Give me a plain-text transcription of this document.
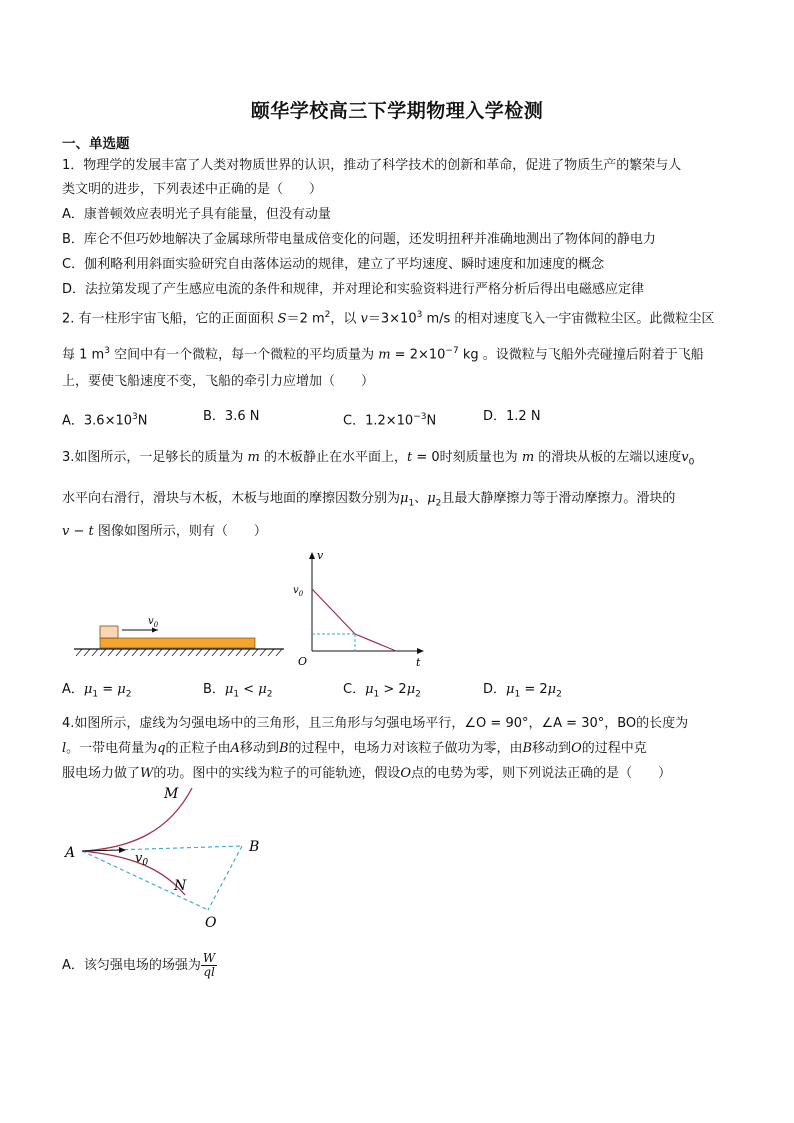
颐华学校高三下学期物理入学检测
一、单选题
1．物理学的发展丰富了人类对物质世界的认识，推动了科学技术的创新和革命，促进了物质生产的繁荣与人
类文明的进步，下列表述中正确的是（　　）
A．康普顿效应表明光子具有能量，但没有动量
B．库仑不但巧妙地解决了金属球所带电量成倍变化的问题，还发明扭秤并准确地测出了物体间的静电力
C．伽利略利用斜面实验研究自由落体运动的规律，建立了平均速度、瞬时速度和加速度的概念
D．法拉第发现了产生感应电流的条件和规律，并对理论和实验资料进行严格分析后得出电磁感应定律
2. 有一柱形宇宙飞船，它的正面面积 S＝2 $m^2$，以 $v=3\times 10^3$ m/s 的相对速度飞入一宇宙微粒尘区。此微粒尘区
每 1 $m^3$ 空间中有一个微粒，每一个微粒的平均质量为 $m = 2\times 10^{-7}$ kg 。设微粒与飞船外壳碰撞后附着于飞船
上，要使飞船速度不变，飞船的牵引力应增加（　　）
A．$3.6\times 10^3N$	B．3.6 N	C．$1.2\times 10^{-3}N$	D．1.2 N
3.如图所示，一足够长的质量为 m 的木板静止在水平面上，t = 0时刻质量也为 m 的滑块从板的左端以速度$v_0$
水平向右滑行，滑块与木板，木板与地面的摩擦因数分别为$\mu_1$、$\mu_2$且最大静摩擦力等于滑动摩擦力。滑块的
v − t 图像如图所示，则有（　　）
$v_0$
v
t
O
$v_0$
A．$\mu_1 = \mu_2$	B．$\mu_1 < \mu_2$	C．$\mu_1 > 2\mu_2$	D．$\mu_1 = 2\mu_2$
4.如图所示，虚线为匀强电场中的三角形，且三角形与匀强电场平行，∠O = 90°，∠A = 30°，BO的长度为
l。一带电荷量为q的正粒子由A移动到B的过程中，电场力对该粒子做功为零，由B移动到O的过程中克
服电场力做了W的功。图中的实线为粒子的可能轨迹，假设O点的电势为零，则下列说法正确的是（　　）
M
A	B
N
O
$v_0$
A．该匀强电场的场强为 $\frac{W}{ql}$
